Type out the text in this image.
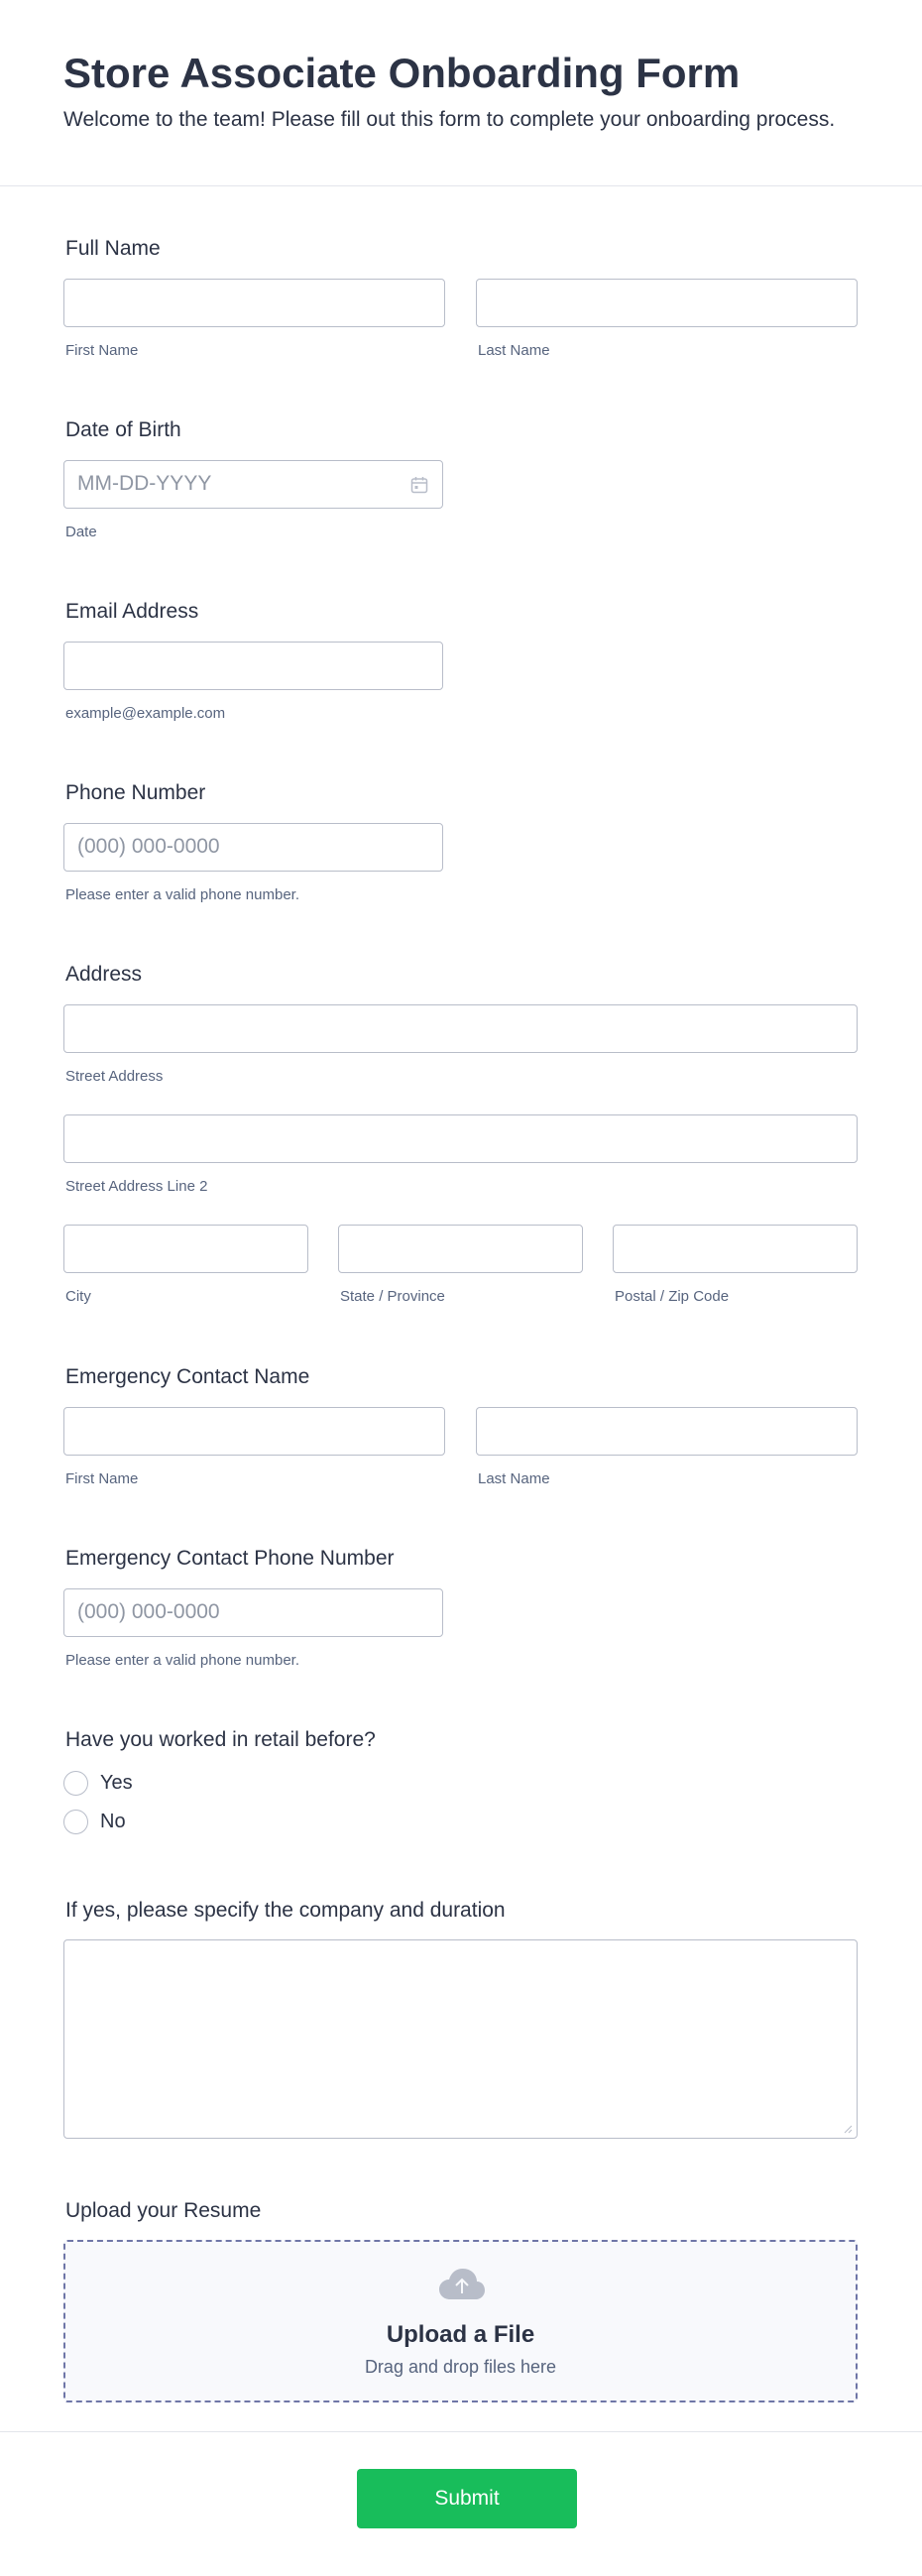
Store Associate Onboarding Form
Welcome to the team! Please fill out this form to complete your onboarding process.
Full Name
First Name	Last Name
Date of Birth
MM-DD-YYYY
Date
Email Address
example@example.com
Phone Number
(000) 000-0000
Please enter a valid phone number.
Address
Street Address
Street Address Line 2
City	State / Province	Postal / Zip Code
Emergency Contact Name
First Name	Last Name
Emergency Contact Phone Number
(000) 000-0000
Please enter a valid phone number.
Have you worked in retail before?
Yes
No
If yes, please specify the company and duration
Upload your Resume
Upload a File
Drag and drop files here
Submit
